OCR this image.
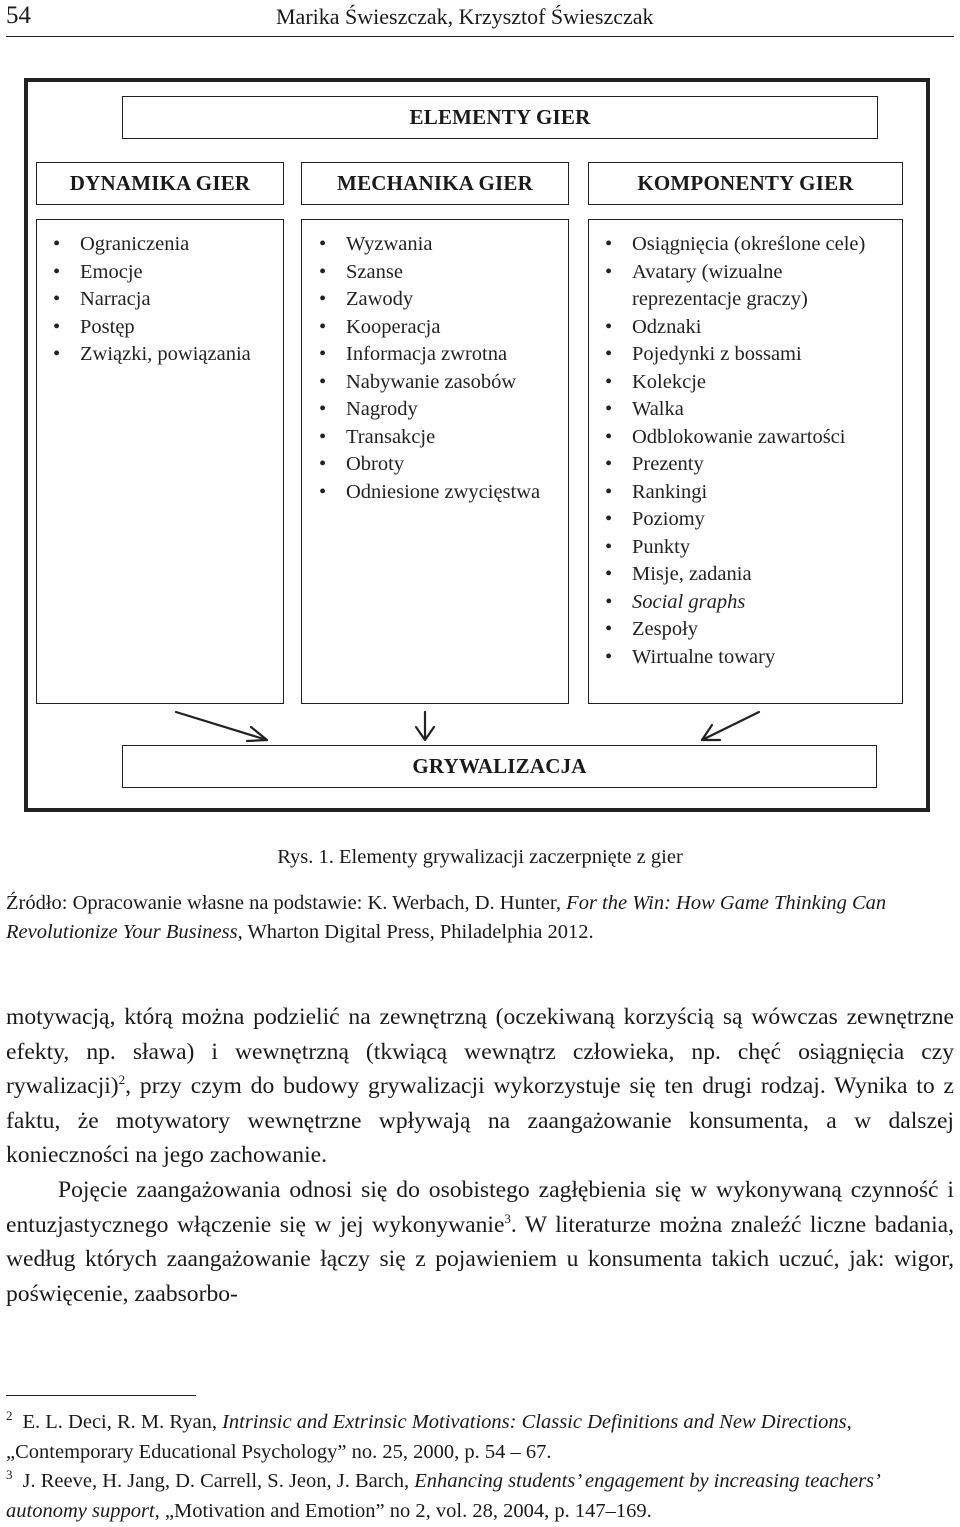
54	Marika Świeszczak, Krzysztof Świeszczak
ELEMENTY GIER
DYNAMIKA GIER	MECHANIKA GIER	KOMPONENTY GIER
• Ograniczenia
• Emocje
• Narracja
• Postęp
• Związki, powiązania
• Wyzwania
• Szanse
• Zawody
• Kooperacja
• Informacja zwrotna
• Nabywanie zasobów
• Nagrody
• Transakcje
• Obroty
• Odniesione zwycięstwa
• Osiągnięcia (określone cele)
• Avatary (wizualne reprezentacje graczy)
• Odznaki
• Pojedynki z bossami
• Kolekcje
• Walka
• Odblokowanie zawartości
• Prezenty
• Rankingi
• Poziomy
• Punkty
• Misje, zadania
• Social graphs
• Zespoły
• Wirtualne towary
GRYWALIZACJA
Rys. 1. Elementy grywalizacji zaczerpnięte z gier
Źródło: Opracowanie własne na podstawie: K. Werbach, D. Hunter, For the Win: How Game Thinking Can Revolutionize Your Business, Wharton Digital Press, Philadelphia 2012.

motywacją, którą można podzielić na zewnętrzną (oczekiwaną korzyścią są wówczas zewnętrzne efekty, np. sława) i wewnętrzną (tkwiącą wewnątrz człowieka, np. chęć osiągnięcia czy rywalizacji)$^2$, przy czym do budowy grywalizacji wykorzystuje się ten drugi rodzaj. Wynika to z faktu, że motywatory wewnętrzne wpływają na zaangażowanie konsumenta, a w dalszej konieczności na jego zachowanie.

Pojęcie zaangażowania odnosi się do osobistego zagłębienia się w wykonywaną czynność i entuzjastycznego włączenie się w jej wykonywanie$^3$. W literaturze można znaleźć liczne badania, według których zaangażowanie łączy się z pojawieniem u konsumenta takich uczuć, jak: wigor, poświęcenie, zaabsorbo-

$^2$ E. L. Deci, R. M. Ryan, Intrinsic and Extrinsic Motivations: Classic Definitions and New Directions, „Contemporary Educational Psychology” no. 25, 2000, p. 54 – 67.
$^3$ J. Reeve, H. Jang, D. Carrell, S. Jeon, J. Barch, Enhancing students’ engagement by increasing teachers’ autonomy support, „Motivation and Emotion” no 2, vol. 28, 2004, p. 147–169.
